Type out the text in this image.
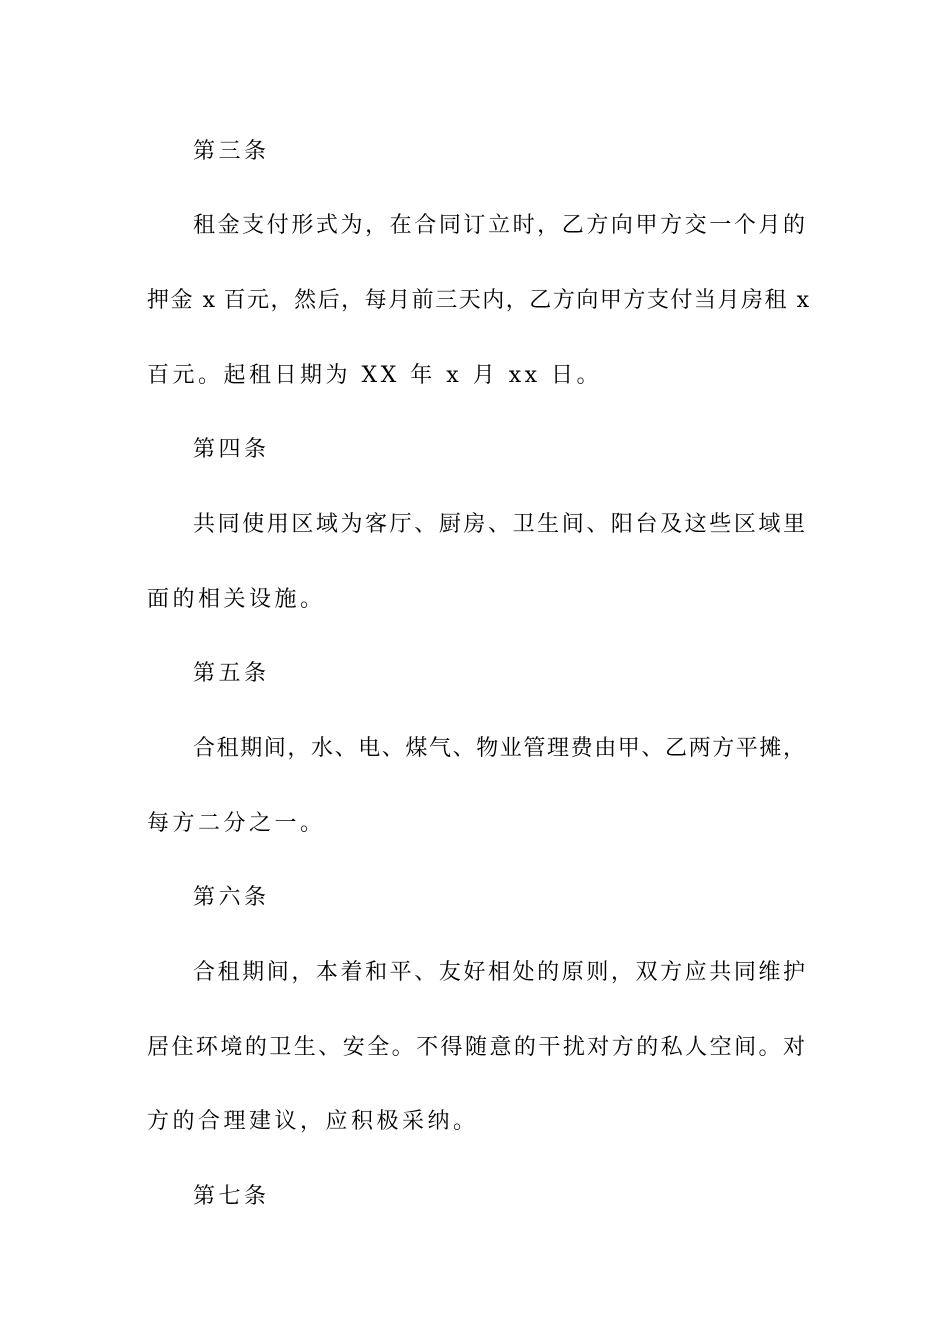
第三条
租金支付形式为，在合同订立时，乙方向甲方交一个月的
押金 x 百元，然后，每月前三天内，乙方向甲方支付当月房租 x
百元。起租日期为 XX 年 x 月 xx 日。
第四条
共同使用区域为客厅、厨房、卫生间、阳台及这些区域里
面的相关设施。
第五条
合租期间，水、电、煤气、物业管理费由甲、乙两方平摊，
每方二分之一。
第六条
合租期间，本着和平、友好相处的原则，双方应共同维护
居住环境的卫生、安全。不得随意的干扰对方的私人空间。对
方的合理建议，应积极采纳。
第七条
